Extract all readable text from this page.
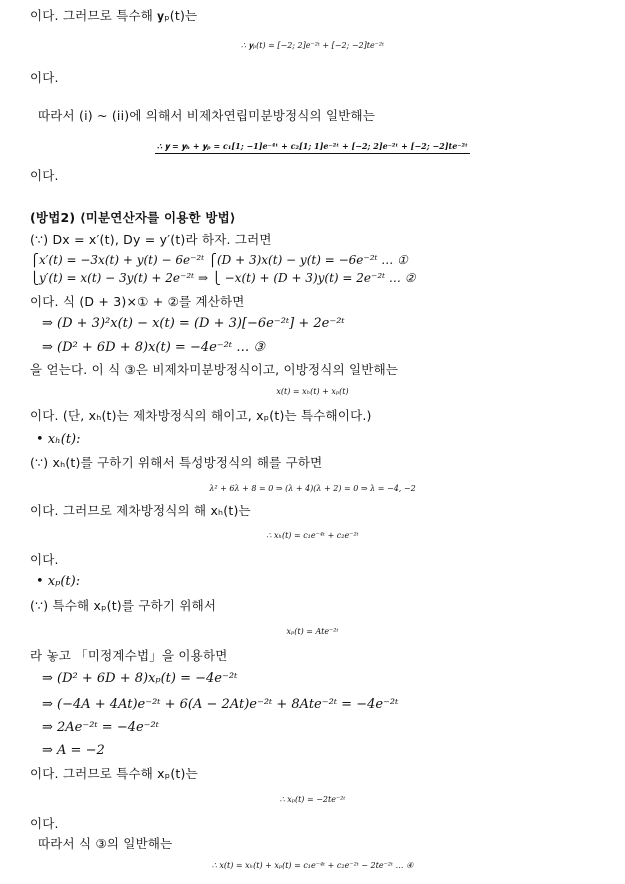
이다. 그러므로 특수해 𝐲ₚ(t)는
∴ 𝐲ₚ(t) = [−2; 2]e⁻²ᵗ + [−2; −2]te⁻²ᵗ
이다.
따라서 (i) ~ (ii)에 의해서 비제차연립미분방정식의 일반해는
∴ 𝐲 = 𝐲ₕ + 𝐲ₚ = c₁[1; −1]e⁻⁴ᵗ + c₂[1; 1]e⁻²ᵗ + [−2; 2]e⁻²ᵗ + [−2; −2]te⁻²ᵗ
이다.
(방법2) ⟨미분연산자를 이용한 방법⟩
(∵) Dx = x′(t), Dy = y′(t)라 하자. 그러면
⎧x′(t) = −3x(t) + y(t) − 6e⁻²ᵗ ⎧(D + 3)x(t) − y(t) = −6e⁻²ᵗ … ①
⎩y′(t) = x(t) − 3y(t) + 2e⁻²ᵗ ⇒ ⎩ −x(t) + (D + 3)y(t) = 2e⁻²ᵗ … ②
이다. 식 (D + 3)×① + ②를 계산하면
⇒ (D + 3)²x(t) − x(t) = (D + 3)[−6e⁻²ᵗ] + 2e⁻²ᵗ
⇒ (D² + 6D + 8)x(t) = −4e⁻²ᵗ … ③
을 얻는다. 이 식 ③은 비제차미분방정식이고, 이방정식의 일반해는
x(t) = xₕ(t) + xₚ(t)
이다. (단, xₕ(t)는 제차방정식의 해이고, xₚ(t)는 특수해이다.)
• xₕ(t):
(∵) xₕ(t)를 구하기 위해서 특성방정식의 해를 구하면
λ² + 6λ + 8 = 0 ⇒ (λ + 4)(λ + 2) = 0 ⇒ λ = −4, −2
이다. 그러므로 제차방정식의 해 xₕ(t)는
∴ xₕ(t) = c₁e⁻⁴ᵗ + c₂e⁻²ᵗ
이다.
• xₚ(t):
(∵) 특수해 xₚ(t)를 구하기 위해서
xₚ(t) = Ate⁻²ᵗ
라 놓고 「미정계수법」을 이용하면
⇒ (D² + 6D + 8)xₚ(t) = −4e⁻²ᵗ
⇒ (−4A + 4At)e⁻²ᵗ + 6(A − 2At)e⁻²ᵗ + 8Ate⁻²ᵗ = −4e⁻²ᵗ
⇒ 2Ae⁻²ᵗ = −4e⁻²ᵗ
⇒ A = −2
이다. 그러므로 특수해 xₚ(t)는
∴ xₚ(t) = −2te⁻²ᵗ
이다.
따라서 식 ③의 일반해는
∴ x(t) = xₕ(t) + xₚ(t) = c₁e⁻⁴ᵗ + c₂e⁻²ᵗ − 2te⁻²ᵗ … ④
